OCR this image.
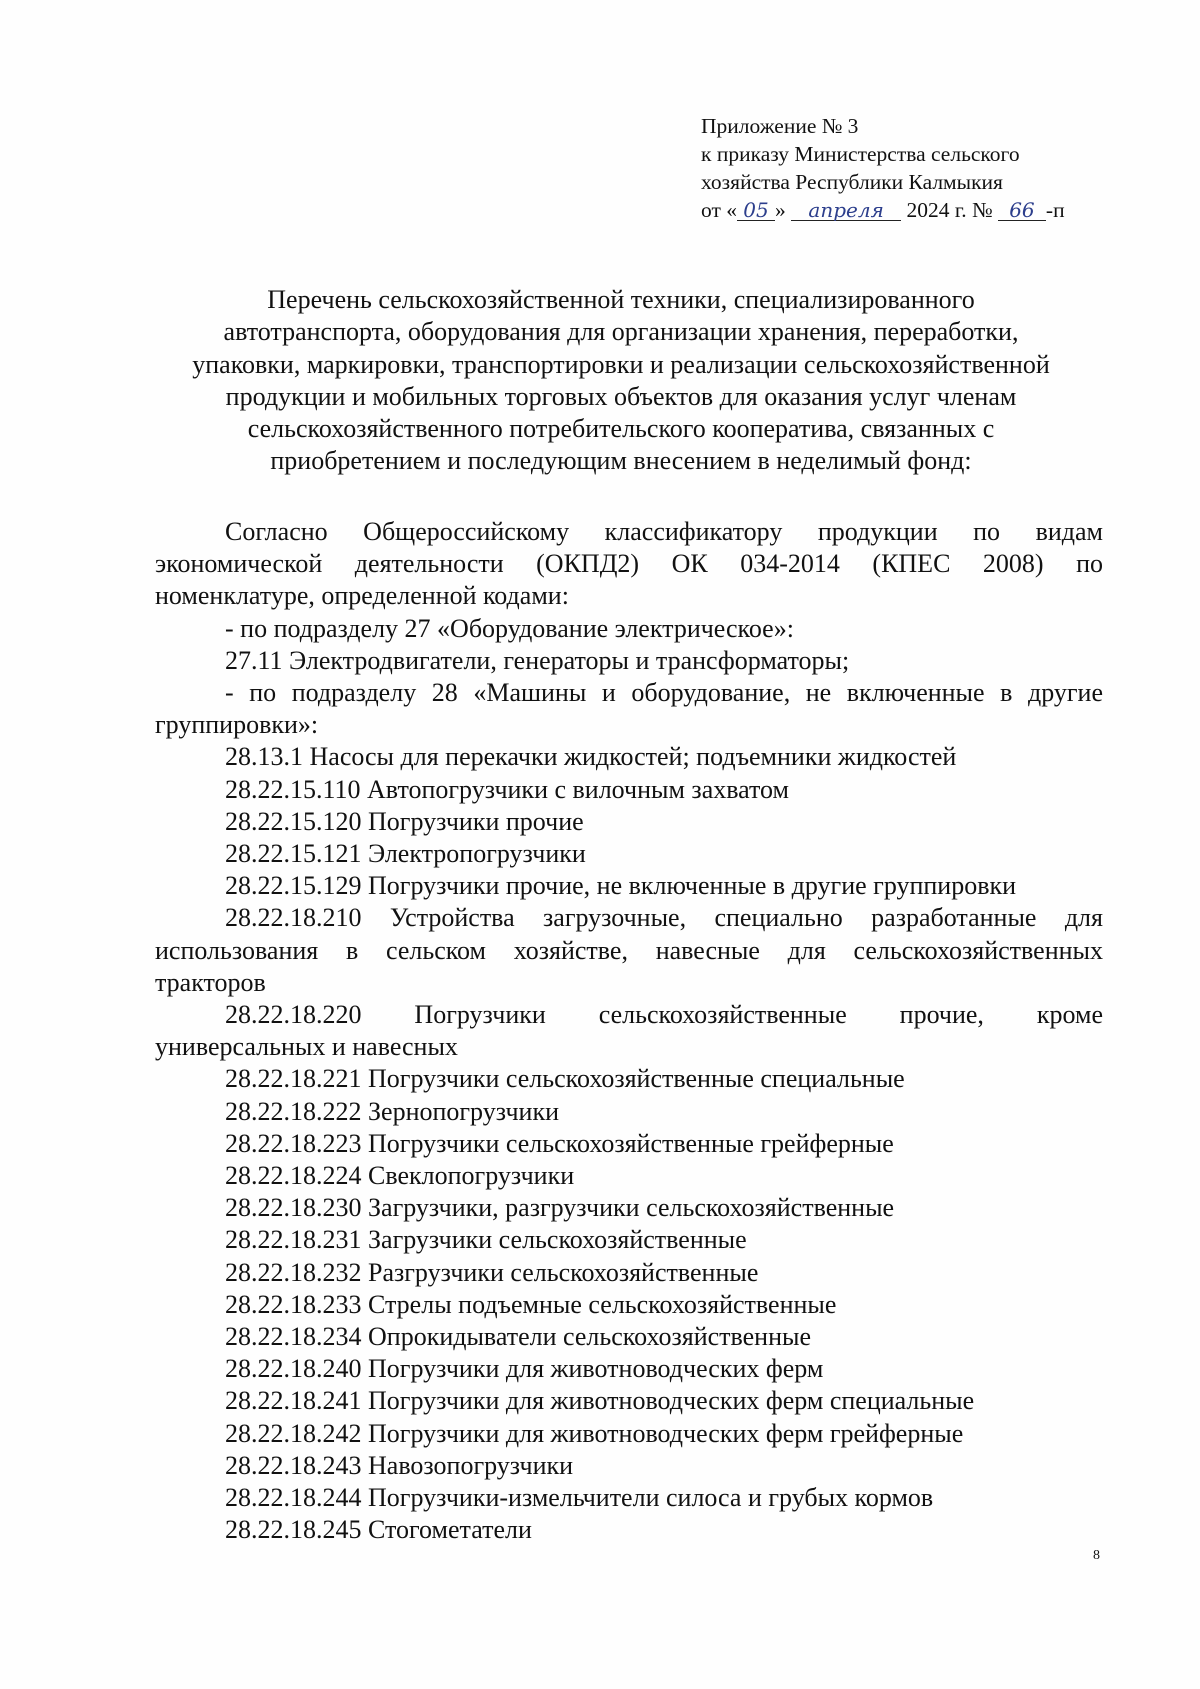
Приложение № 3
к приказу Министерства сельского
хозяйства Республики Калмыкия
от « 05 » апреля 2024 г. № 66 -п
Перечень сельскохозяйственной техники, специализированного
автотранспорта, оборудования для организации хранения, переработки,
упаковки, маркировки, транспортировки и реализации сельскохозяйственной
продукции и мобильных торговых объектов для оказания услуг членам
сельскохозяйственного потребительского кооператива, связанных с
приобретением и последующим внесением в неделимый фонд:
Согласно Общероссийскому классификатору продукции по видам
экономической деятельности (ОКПД2) ОК 034-2014 (КПЕС 2008) по
номенклатуре, определенной кодами:
- по подразделу 27 «Оборудование электрическое»:
27.11 Электродвигатели, генераторы и трансформаторы;
- по подразделу 28 «Машины и оборудование, не включенные в другие
группировки»:
28.13.1 Насосы для перекачки жидкостей; подъемники жидкостей
28.22.15.110 Автопогрузчики с вилочным захватом
28.22.15.120 Погрузчики прочие
28.22.15.121 Электропогрузчики
28.22.15.129 Погрузчики прочие, не включенные в другие группировки
28.22.18.210 Устройства загрузочные, специально разработанные для
использования в сельском хозяйстве, навесные для сельскохозяйственных
тракторов
28.22.18.220 Погрузчики сельскохозяйственные прочие, кроме
универсальных и навесных
28.22.18.221 Погрузчики сельскохозяйственные специальные
28.22.18.222 Зернопогрузчики
28.22.18.223 Погрузчики сельскохозяйственные грейферные
28.22.18.224 Свеклопогрузчики
28.22.18.230 Загрузчики, разгрузчики сельскохозяйственные
28.22.18.231 Загрузчики сельскохозяйственные
28.22.18.232 Разгрузчики сельскохозяйственные
28.22.18.233 Стрелы подъемные сельскохозяйственные
28.22.18.234 Опрокидыватели сельскохозяйственные
28.22.18.240 Погрузчики для животноводческих ферм
28.22.18.241 Погрузчики для животноводческих ферм специальные
28.22.18.242 Погрузчики для животноводческих ферм грейферные
28.22.18.243 Навозопогрузчики
28.22.18.244 Погрузчики-измельчители силоса и грубых кормов
28.22.18.245 Стогометатели
8
